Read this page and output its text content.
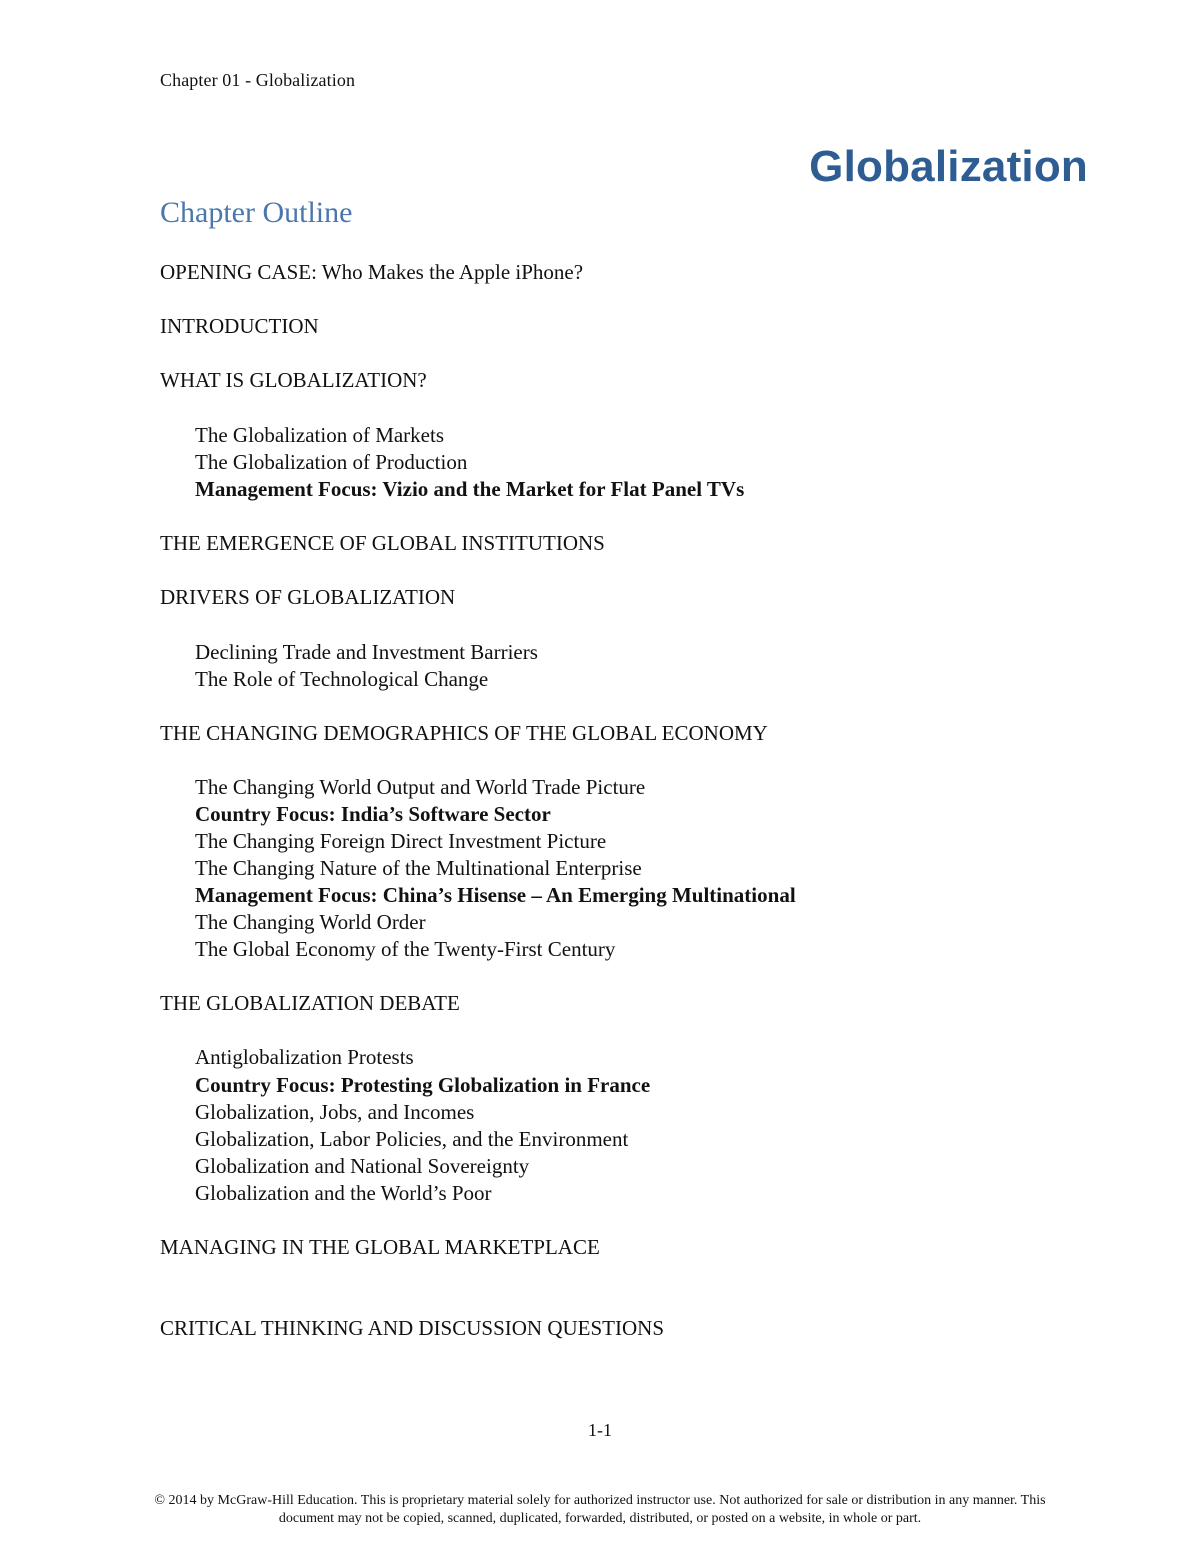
Chapter 01 - Globalization
Globalization
Chapter Outline
OPENING CASE: Who Makes the Apple iPhone?
INTRODUCTION
WHAT IS GLOBALIZATION?
The Globalization of Markets
The Globalization of Production
Management Focus: Vizio and the Market for Flat Panel TVs
THE EMERGENCE OF GLOBAL INSTITUTIONS
DRIVERS OF GLOBALIZATION
Declining Trade and Investment Barriers
The Role of Technological Change
THE CHANGING DEMOGRAPHICS OF THE GLOBAL ECONOMY
The Changing World Output and World Trade Picture
Country Focus: India’s Software Sector
The Changing Foreign Direct Investment Picture
The Changing Nature of the Multinational Enterprise
Management Focus: China’s Hisense – An Emerging Multinational
The Changing World Order
The Global Economy of the Twenty-First Century
THE GLOBALIZATION DEBATE
Antiglobalization Protests
Country Focus: Protesting Globalization in France
Globalization, Jobs, and Incomes
Globalization, Labor Policies, and the Environment
Globalization and National Sovereignty
Globalization and the World’s Poor
MANAGING IN THE GLOBAL MARKETPLACE
CRITICAL THINKING AND DISCUSSION QUESTIONS
1-1
© 2014 by McGraw-Hill Education. This is proprietary material solely for authorized instructor use. Not authorized for sale or distribution in any manner. This
document may not be copied, scanned, duplicated, forwarded, distributed, or posted on a website, in whole or part.
